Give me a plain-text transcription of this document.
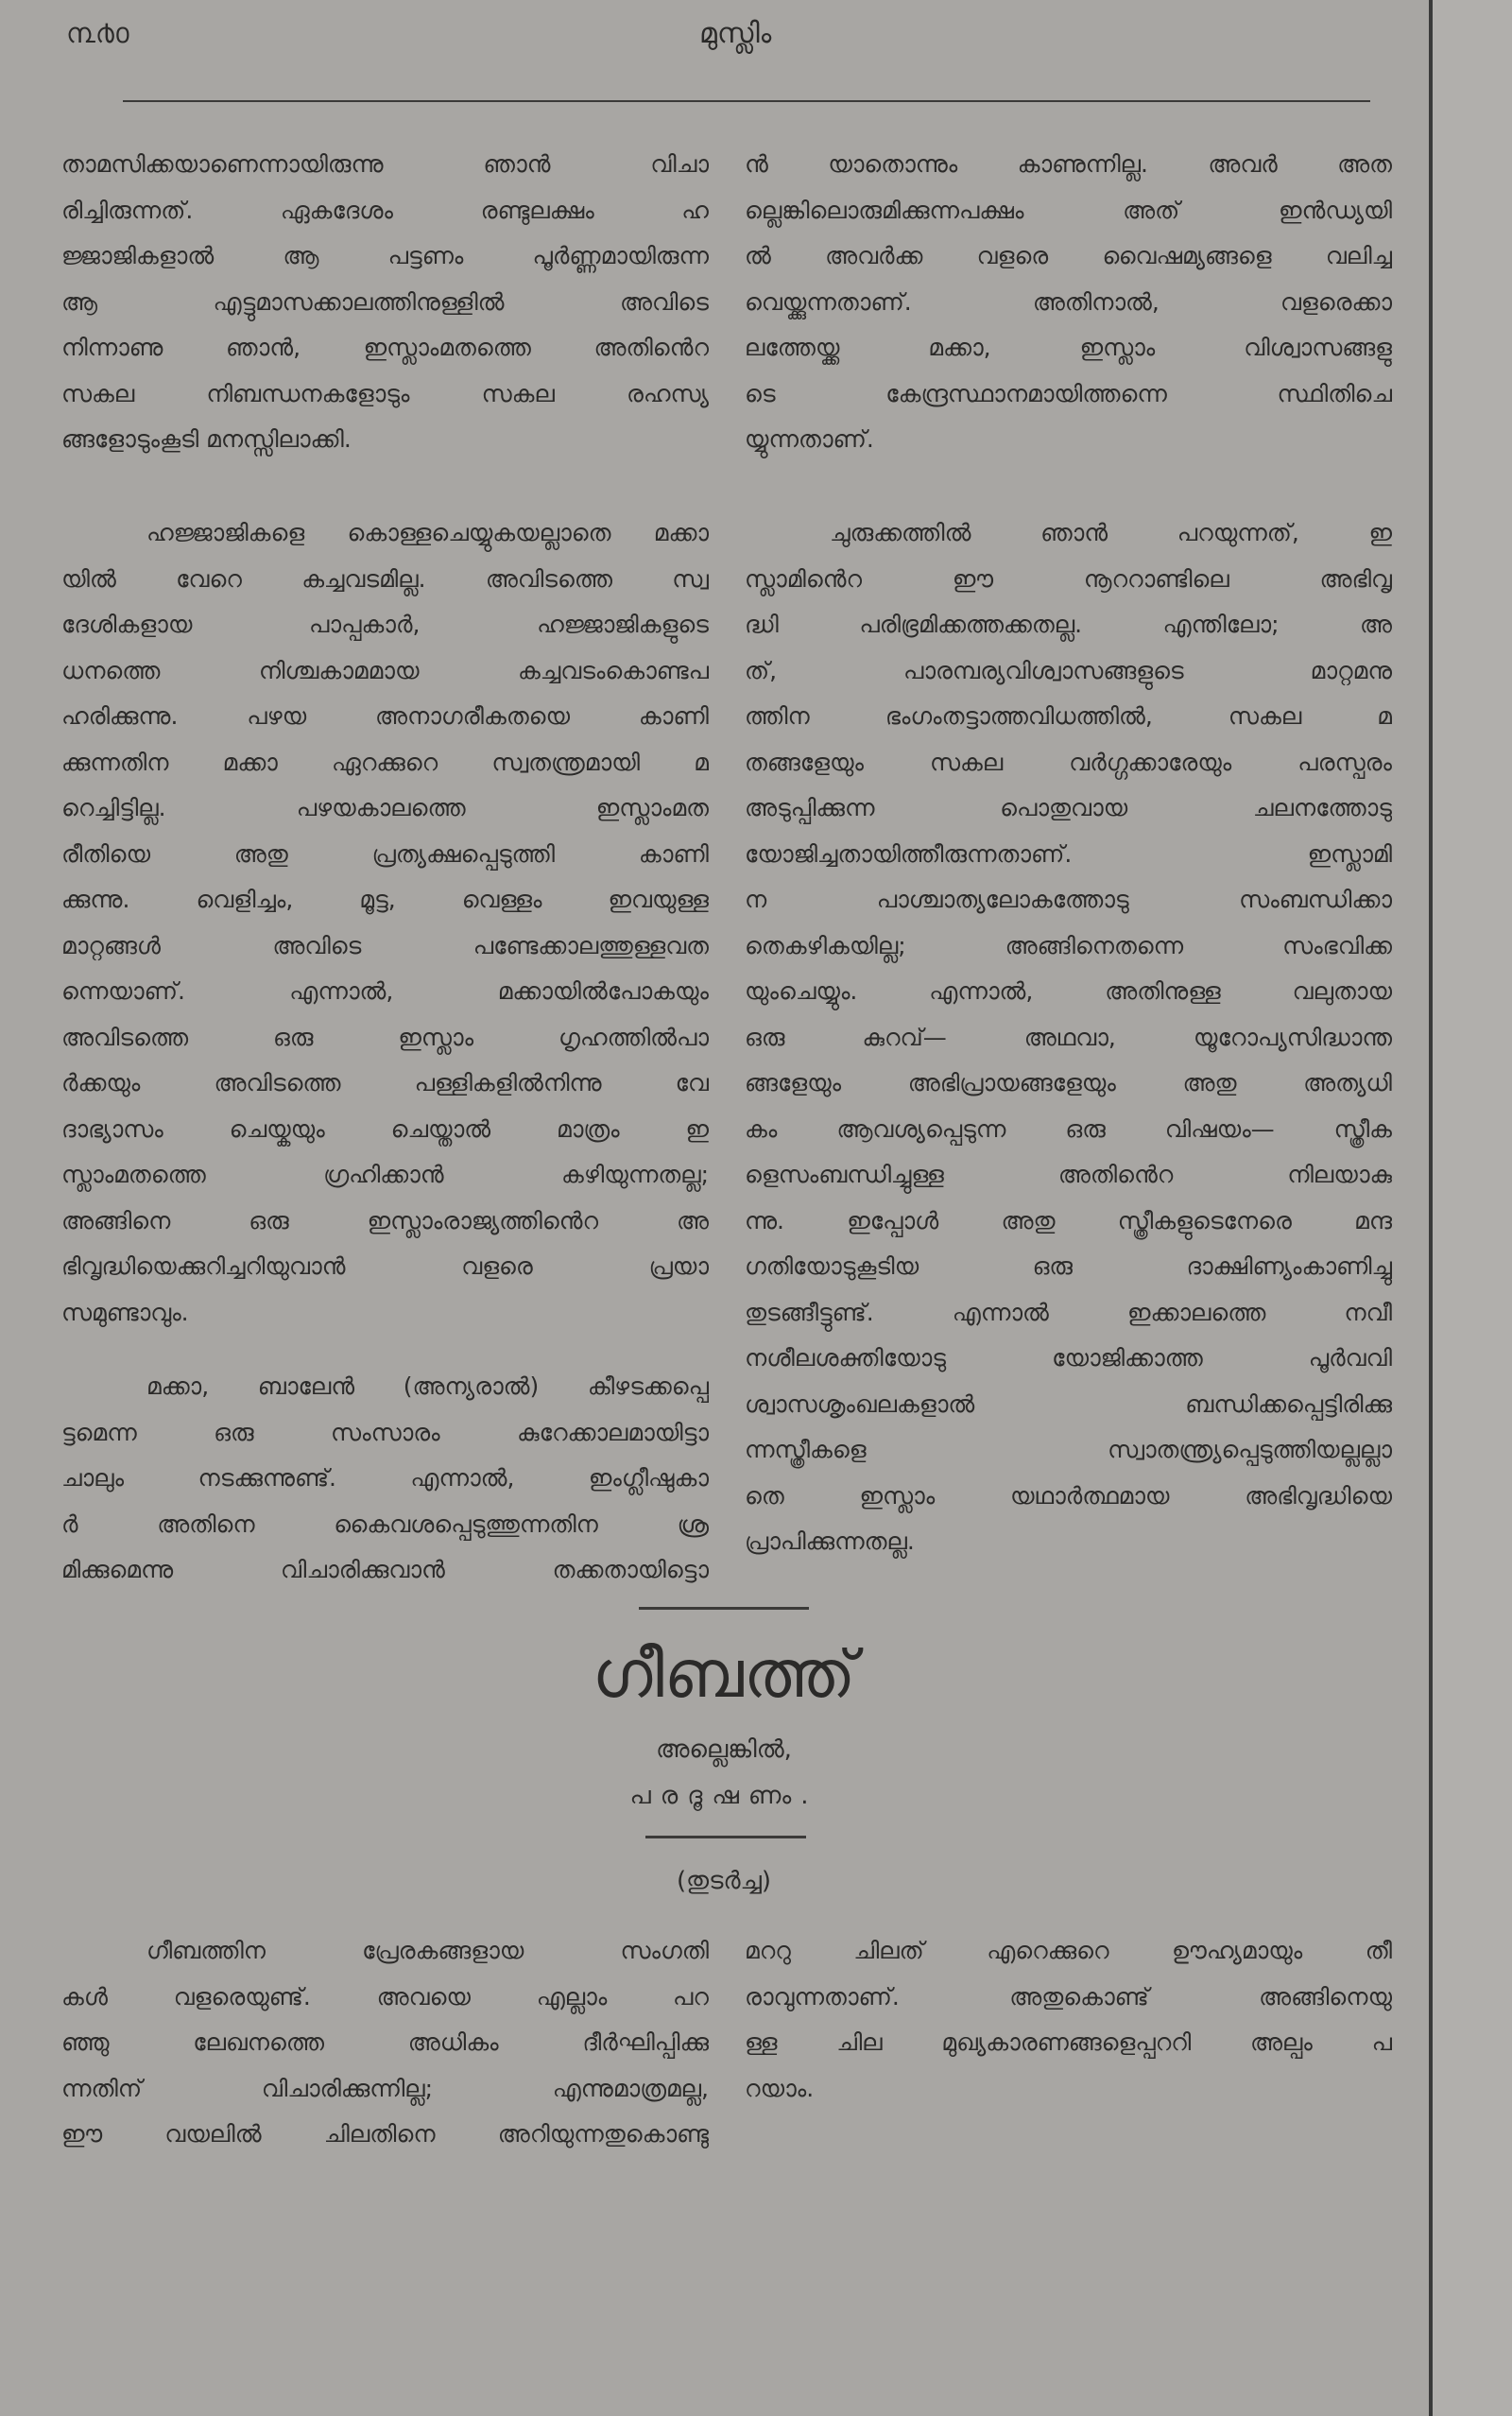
൩൪൦	മുസ്ലിം
താമസിക്കയാണെന്നായിരുന്നു ഞാൻ വിചാ
രിച്ചിരുന്നത്. ഏകദേശം രണ്ടുലക്ഷം ഹ
ജ്ജാജികളാൽ ആ പട്ടണം പൂർണ്ണമായിരുന്ന
ആ എട്ടുമാസക്കാലത്തിനുള്ളിൽ അവിടെ
നിന്നാണു ഞാൻ, ഇസ്ലാംമതത്തെ അതിൻെറ
സകല നിബന്ധനകളോടും സകല രഹസ്യ
ങ്ങളോടുംകൂടി മനസ്സിലാക്കി.
ഹജ്ജാജികളെ കൊള്ളചെയ്യുകയല്ലാതെ മക്കാ
യിൽ വേറെ കച്ചവടമില്ല. അവിടത്തെ സ്വ
ദേശികളായ പാപ്പകാർ, ഹജ്ജാജികളുടെ
ധനത്തെ നിശ്ചകാമമായ കച്ചവടംകൊണ്ടപ
ഹരിക്കുന്നു. പഴയ അനാഗരീകതയെ കാണി
ക്കുന്നതിന മക്കാ ഏറക്കുറെ സ്വതന്ത്രമായി മ
റെച്ചിട്ടില്ല. പഴയകാലത്തെ ഇസ്ലാംമത
രീതിയെ അതു പ്രത്യക്ഷപ്പെടുത്തി കാണി
ക്കുന്നു. വെളിച്ചം, മൂട്ട, വെള്ളം ഇവയുള്ള
മാറ്റങ്ങൾ അവിടെ പണ്ടേക്കാലത്തുള്ളവത
ന്നെയാണ്. എന്നാൽ, മക്കായിൽപോകയും
അവിടത്തെ ഒരു ഇസ്ലാം ഗൃഹത്തിൽപാ
ർക്കയും അവിടത്തെ പള്ളികളിൽനിന്നു വേ
ദാഭ്യാസം ചെയ്കയും ചെയ്താൽ മാത്രം ഇ
സ്ലാംമതത്തെ ഗ്രഹിക്കാൻ കഴിയുന്നതല്ല;
അങ്ങിനെ ഒരു ഇസ്ലാംരാജ്യത്തിൻെറ അ
ഭിവൃദ്ധിയെക്കുറിച്ചറിയുവാൻ വളരെ പ്രയാ
സമുണ്ടാവും.
മക്കാ, ബാലേൻ (അന്യരാൽ) കീഴടക്കപ്പെ
ട്ടമെന്ന ഒരു സംസാരം കുറേക്കാലമായിട്ടാ
ചാലും നടക്കുന്നുണ്ട്. എന്നാൽ, ഇംഗ്ലീഷുകാ
ർ അതിനെ കൈവശപ്പെടുത്തുന്നതിന ശ്ര
മിക്കുമെന്നു വിചാരിക്കുവാൻ തക്കതായിട്ടൊ
ൻ യാതൊന്നും കാണുന്നില്ല. അവർ അത
ല്ലെങ്കിലൊരുമിക്കുന്നപക്ഷം അത് ഇൻഡ്യയി
ൽ അവർക്ക വളരെ വൈഷമ്യങ്ങളെ വലിച്ച
വെയ്ക്കുന്നതാണ്. അതിനാൽ, വളരെക്കാ
ലത്തേയ്ക്ക മക്കാ, ഇസ്ലാം വിശ്വാസങ്ങളു
ടെ കേന്ദ്രസ്ഥാനമായിത്തന്നെ സ്ഥിതിചെ
യ്യുന്നതാണ്.
ചുരുക്കത്തിൽ ഞാൻ പറയുന്നത്, ഇ
സ്ലാമിൻെറ ഈ നൂററാണ്ടിലെ അഭിവൃ
ദ്ധി പരിഭ്രമിക്കത്തക്കതല്ല. എന്തിലോ; അ
ത്, പാരമ്പര്യവിശ്വാസങ്ങളുടെ മാറ്റമനു
ത്തിന ഭംഗംതട്ടാത്തവിധത്തിൽ, സകല മ
തങ്ങളേയും സകല വർഗ്ഗക്കാരേയും പരസ്പരം
അടുപ്പിക്കുന്ന പൊതുവായ ചലനത്തോടു
യോജിച്ചതായിത്തീരുന്നതാണ്. ഇസ്ലാമി
ന പാശ്ചാത്യലോകത്തോടു സംബന്ധിക്കാ
തെകഴികയില്ല; അങ്ങിനെതന്നെ സംഭവിക്ക
യുംചെയ്യും. എന്നാൽ, അതിനുള്ള വലുതായ
ഒരു കുറവ്— അഥവാ, യൂറോപ്യസിദ്ധാന്ത
ങ്ങളേയും അഭിപ്രായങ്ങളേയും അതു അത്യധി
കം ആവശ്യപ്പെടുന്ന ഒരു വിഷയം— സ്ത്രീക
ളെസംബന്ധിച്ചുള്ള അതിൻെറ നിലയാകു
ന്നു. ഇപ്പോൾ അതു സ്ത്രീകളുടെനേരെ മന്ദ
ഗതിയോടുകൂടിയ ഒരു ദാക്ഷിണ്യംകാണിച്ചു
തുടങ്ങീട്ടുണ്ട്. എന്നാൽ ഇക്കാലത്തെ നവീ
നശീലശക്തിയോടു യോജിക്കാത്ത പൂർവവി
ശ്വാസശൃംഖലകളാൽ ബന്ധിക്കപ്പെട്ടിരിക്കു
ന്നസ്ത്രീകളെ സ്വാതന്ത്ര്യപ്പെടുത്തിയല്ലല്ലാ
തെ ഇസ്ലാം യഥാർത്ഥമായ അഭിവൃദ്ധിയെ
പ്രാപിക്കുന്നതല്ല.
ഗീബത്ത്
അല്ലെങ്കിൽ,
പരദൂഷണം.
(തുടർച്ച)
ഗീബത്തിന പ്രേരകങ്ങളായ സംഗതി
കൾ വളരെയുണ്ട്. അവയെ എല്ലാം പറ
ഞ്ഞു ലേഖനത്തെ അധികം ദീർഘിപ്പിക്കു
ന്നതിന് വിചാരിക്കുന്നില്ല; എന്നുമാത്രമല്ല,
ഈ വയലിൽ ചിലതിനെ അറിയുന്നതുകൊണ്ടു
മററു ചിലത് എറെക്കുറെ ഊഹ്യമായും തീ
രാവുന്നതാണ്. അതുകൊണ്ട് അങ്ങിനെയു
ള്ള ചില മുഖ്യകാരണങ്ങളെപ്പററി അല്പം പ
റയാം.
